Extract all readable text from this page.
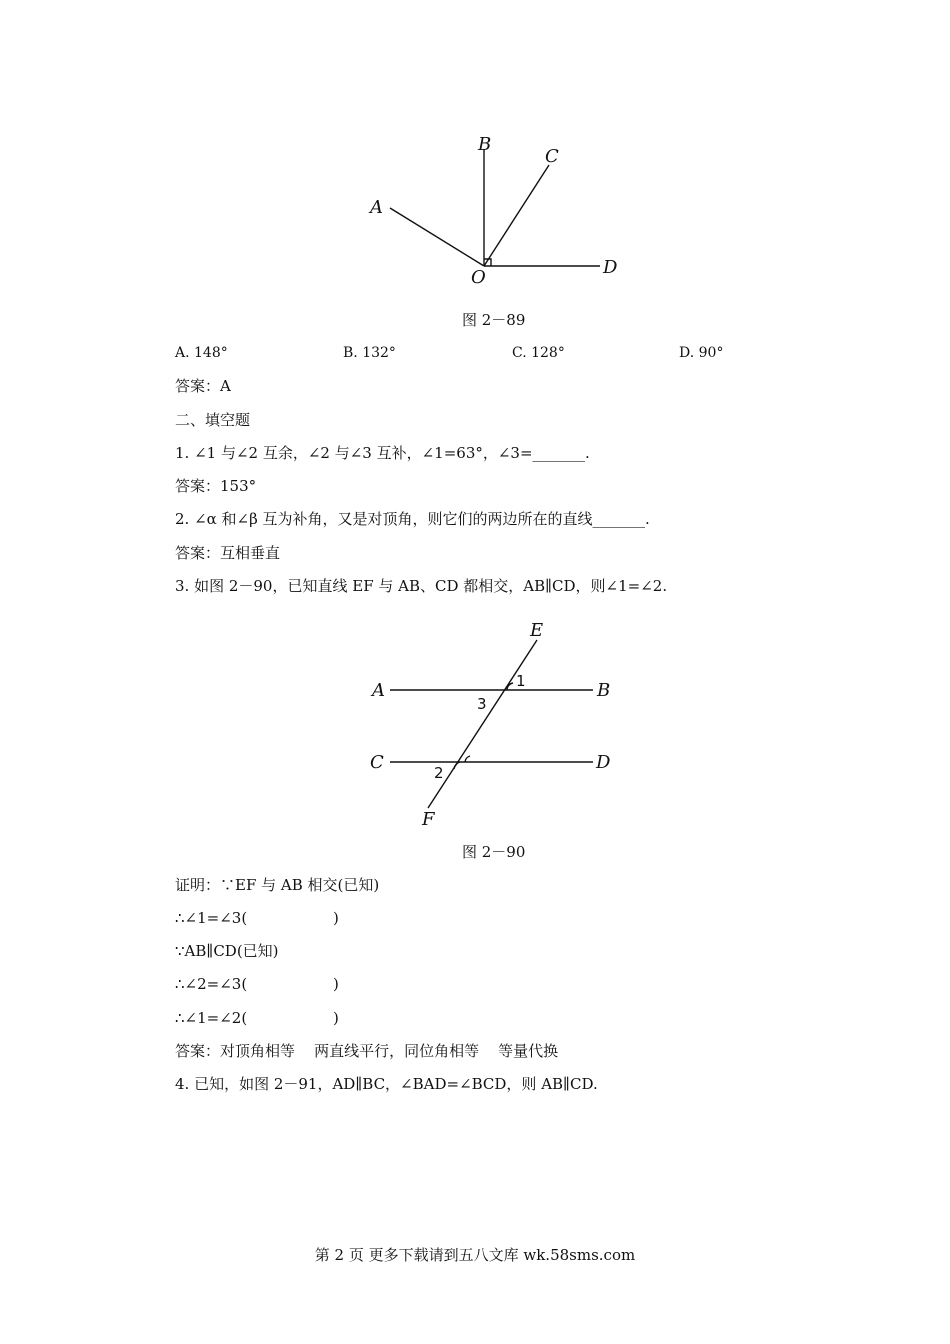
A
B
C
D
O
图 2－89
A. 148°	B. 132°	C. 128°	D. 90°
答案：A
二、填空题
1. ∠1 与∠2 互余，∠2 与∠3 互补，∠1=63°，∠3=_______.
答案：153°
2. ∠α 和∠β 互为补角，又是对顶角，则它们的两边所在的直线_______.
答案：互相垂直
3. 如图 2－90，已知直线 EF 与 AB、CD 都相交，AB∥CD，则∠1=∠2.
E
F
A	B
C	D
1
3
2
图 2－90
证明：∵EF 与 AB 相交(已知)
∴∠1=∠3(                  )
∵AB∥CD(已知)
∴∠2=∠3(                  )
∴∠1=∠2(                  )
答案：对顶角相等    两直线平行，同位角相等    等量代换
4. 已知，如图 2－91，AD∥BC，∠BAD=∠BCD，则 AB∥CD.
第 2 页 更多下载请到五八文库 wk.58sms.com
